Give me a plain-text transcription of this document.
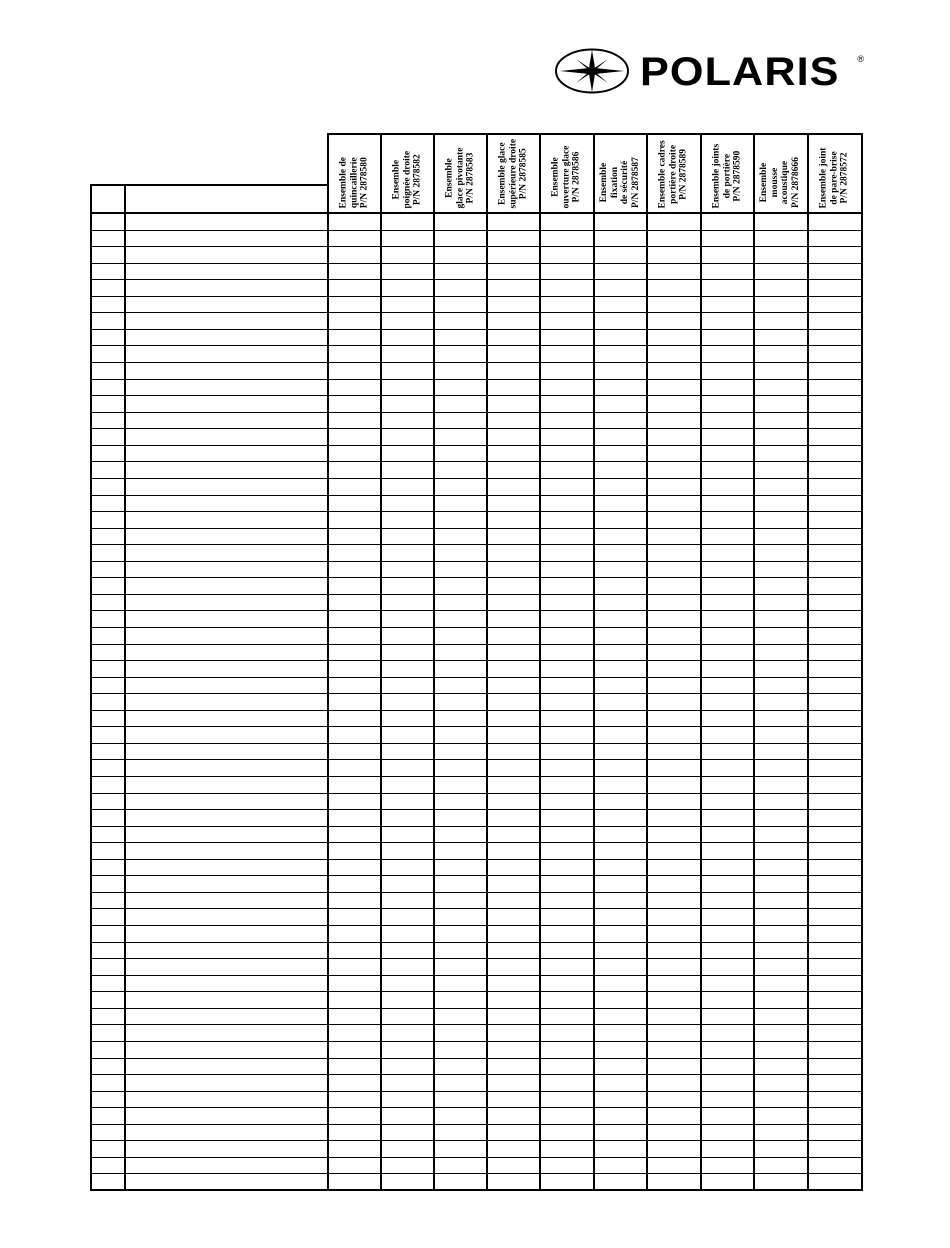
POLARIS ®
Ensemble de quincaillerie P/N 2878580 Ensemble poignée droite P/N 2878582 Ensemble glace pivotante P/N 2878583 Ensemble glace supérieure droite P/N 2878585 Ensemble ouverture glace P/N 2878586 Ensemble fixation de sécurité P/N 2878587 Ensemble cadres portière droite P/N 2878589 Ensemble joints de portière P/N 2878590 Ensemble mousse acoustique P/N 2878666 Ensemble joint de pare-brise P/N 2878572
